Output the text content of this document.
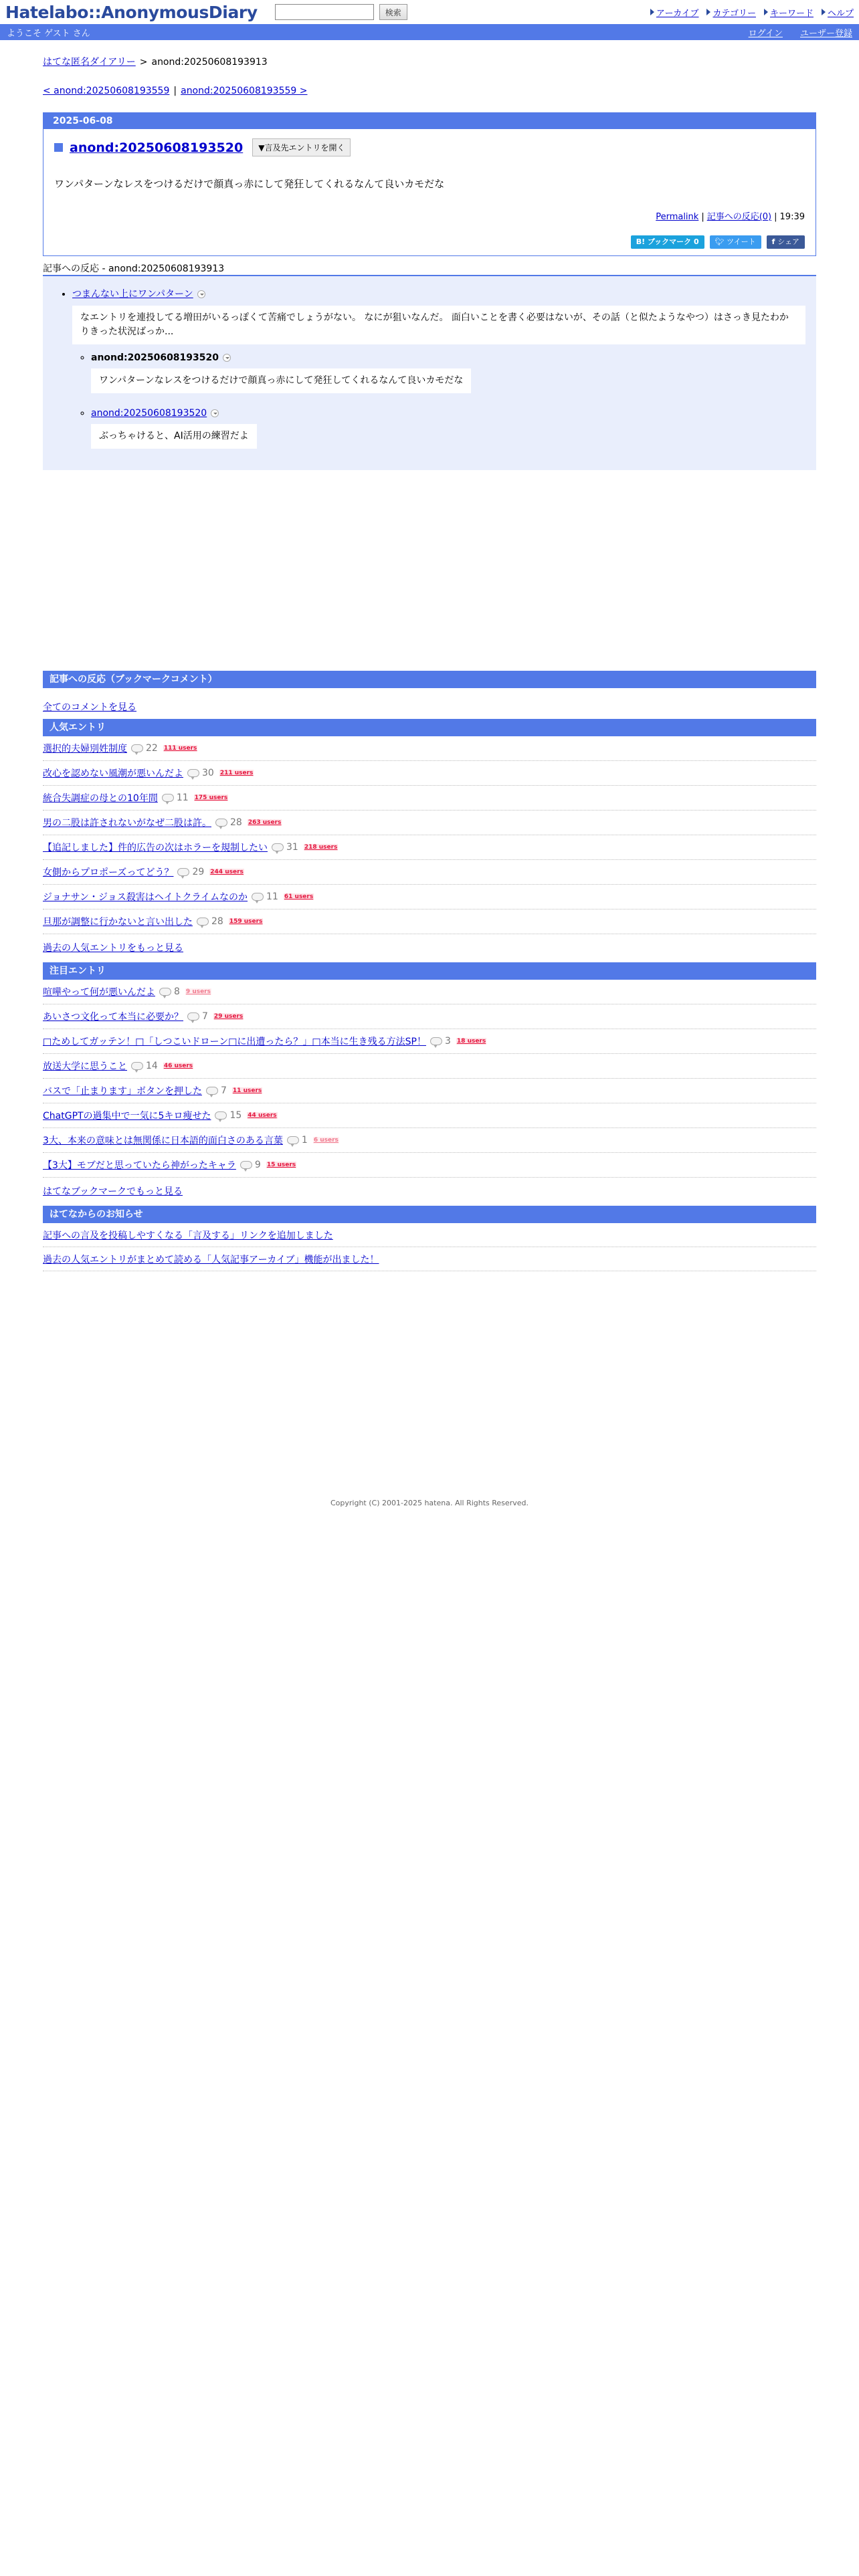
Hatelabo::AnonymousDiary	検索	アーカイブ カテゴリー キーワード ヘルプ
ようこそ ゲスト さん	ログイン ユーザー登録
はてな匿名ダイアリー > anond:20250608193913
< anond:20250608193559 | anond:20250608193559 >
2025-06-08
anond:20250608193520	▼言及先エントリを開く
ワンパターンなレスをつけるだけで顔真っ赤にして発狂してくれるなんて良いカモだな
Permalink | 記事への反応(0) | 19:39
B! ブックマーク 0	🐦︎ ツイート	f シェア
記事への反応 - anond:20250608193913
• つまんない上にワンパターン
なエントリを連投してる増田がいるっぽくて苦痛でしょうがない。 なにが狙いなんだ。 面白いことを書く必要はないが、その話（と似たようなやつ）はさっき見たわかりきった状況ばっか...
◦ anond:20250608193520
ワンパターンなレスをつけるだけで顔真っ赤にして発狂してくれるなんて良いカモだな
◦ anond:20250608193520
ぶっちゃけると、AI活用の練習だよ
記事への反応（ブックマークコメント）
全てのコメントを見る
人気エントリ
選択的夫婦別姓制度 22 111 users
改心を認めない風潮が悪いんだよ 30 211 users
統合失調症の母との10年間 11 175 users
男の二股は許されないがなぜ二股は許。 28 263 users
【追記しました】件的広告の次はホラーを規制したい 31 218 users
女側からプロポーズってどう？ 29 244 users
ジョナサン・ジョス殺害はヘイトクライムなのか 11 61 users
旦那が調整に行かないと言い出した 28 159 users
過去の人気エントリをもっと見る
注目エントリ
喧嘩やって何が悪いんだよ 8 9 users
あいさつ文化って本当に必要か？ 7 29 users
□ためしてガッテン！□「しつこいドローン□に出遭ったら？」□本当に生き残る方法SP！ 3 18 users
放送大学に思うこと 14 46 users
バスで「止まります」ボタンを押した 7 11 users
ChatGPTの過集中で一気に5キロ痩せた 15 44 users
3大、本来の意味とは無関係に日本語的面白さのある言葉 1 6 users
【3大】モブだと思っていたら神がったキャラ 9 15 users
はてなブックマークでもっと見る
はてなからのお知らせ
記事への言及を投稿しやすくなる「言及する」リンクを追加しました
過去の人気エントリがまとめて読める「人気記事アーカイブ」機能が出ました！
Copyright (C) 2001-2025 hatena. All Rights Reserved.
